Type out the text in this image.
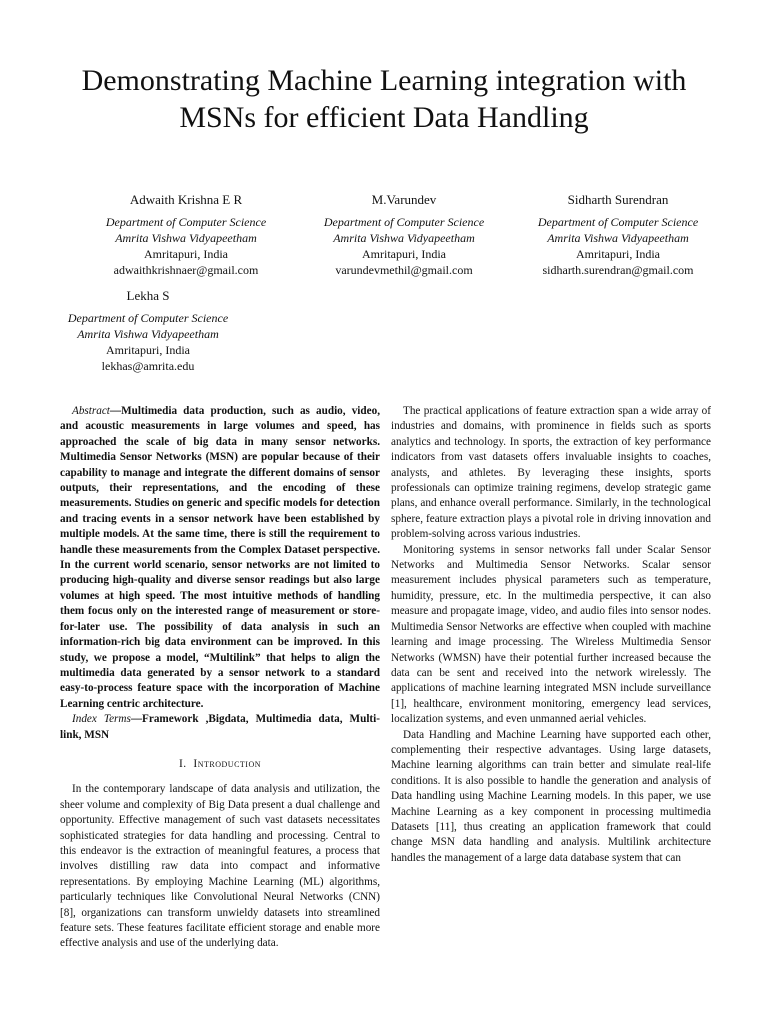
Demonstrating Machine Learning integration with MSNs for efficient Data Handling
Adwaith Krishna E R
Department of Computer Science
Amrita Vishwa Vidyapeetham
Amritapuri, India
adwaithkrishnaer@gmail.com
M.Varundev
Department of Computer Science
Amrita Vishwa Vidyapeetham
Amritapuri, India
varundevmethil@gmail.com
Sidharth Surendran
Department of Computer Science
Amrita Vishwa Vidyapeetham
Amritapuri, India
sidharth.surendran@gmail.com
Lekha S
Department of Computer Science
Amrita Vishwa Vidyapeetham
Amritapuri, India
lekhas@amrita.edu

Abstract—Multimedia data production, such as audio, video, and acoustic measurements in large volumes and speed, has approached the scale of big data in many sensor networks. Multimedia Sensor Networks (MSN) are popular because of their capability to manage and integrate the different domains of sensor outputs, their representations, and the encoding of these measurements. Studies on generic and specific models for detection and tracing events in a sensor network have been established by multiple models. At the same time, there is still the requirement to handle these measurements from the Complex Dataset perspective. In the current world scenario, sensor networks are not limited to producing high-quality and diverse sensor readings but also large volumes at high speed. The most intuitive methods of handling them focus only on the interested range of measurement or store-for-later use. The possibility of data analysis in such an information-rich big data environment can be improved. In this study, we propose a model, “Multilink” that helps to align the multimedia data generated by a sensor network to a standard easy-to-process feature space with the incorporation of Machine Learning centric architecture.

Index Terms—Framework ,Bigdata, Multimedia data, Multi-link, MSN

I. Introduction

In the contemporary landscape of data analysis and utilization, the sheer volume and complexity of Big Data present a dual challenge and opportunity. Effective management of such vast datasets necessitates sophisticated strategies for data handling and processing. Central to this endeavor is the extraction of meaningful features, a process that involves distilling raw data into compact and informative representations. By employing Machine Learning (ML) algorithms, particularly techniques like Convolutional Neural Networks (CNN) [8], organizations can transform unwieldy datasets into streamlined feature sets. These features facilitate efficient storage and enable more effective analysis and use of the underlying data.

The practical applications of feature extraction span a wide array of industries and domains, with prominence in fields such as sports analytics and technology. In sports, the extraction of key performance indicators from vast datasets offers invaluable insights to coaches, analysts, and athletes. By leveraging these insights, sports professionals can optimize training regimens, develop strategic game plans, and enhance overall performance. Similarly, in the technological sphere, feature extraction plays a pivotal role in driving innovation and problem-solving across various industries.

Monitoring systems in sensor networks fall under Scalar Sensor Networks and Multimedia Sensor Networks. Scalar sensor measurement includes physical parameters such as temperature, humidity, pressure, etc. In the multimedia perspective, it can also measure and propagate image, video, and audio files into sensor nodes. Multimedia Sensor Networks are effective when coupled with machine learning and image processing. The Wireless Multimedia Sensor Networks (WMSN) have their potential further increased because the data can be sent and received into the network wirelessly. The applications of machine learning integrated MSN include surveillance [1], healthcare, environment monitoring, emergency lead services, localization systems, and even unmanned aerial vehicles.

Data Handling and Machine Learning have supported each other, complementing their respective advantages. Using large datasets, Machine learning algorithms can train better and simulate real-life conditions. It is also possible to handle the generation and analysis of Data handling using Machine Learning models. In this paper, we use Machine Learning as a key component in processing multimedia Datasets [11], thus creating an application framework that could change MSN data handling and analysis. Multilink architecture handles the management of a large data database system that can
